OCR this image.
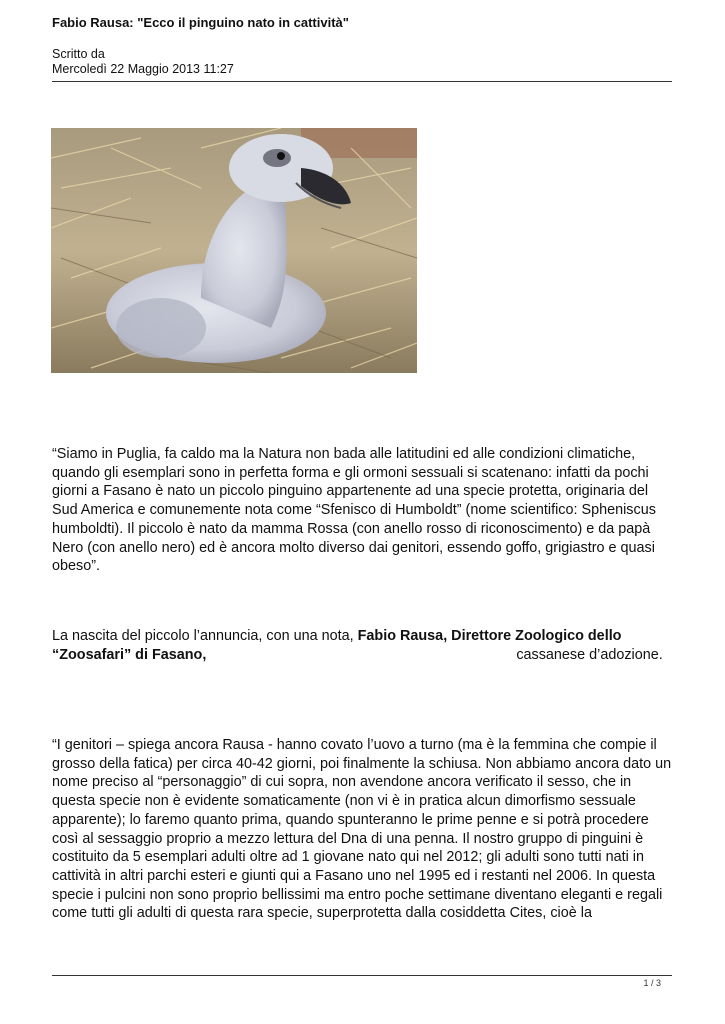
Fabio Rausa: "Ecco il pinguino nato in cattività"
Scritto da
Mercoledì 22 Maggio 2013 11:27

“Siamo in Puglia, fa caldo ma la Natura non bada alle latitudini ed alle condizioni climatiche, quando gli esemplari sono in perfetta forma e gli ormoni sessuali si scatenano: infatti da pochi giorni a Fasano è nato un piccolo pinguino appartenente ad una specie protetta, originaria del Sud America e comunemente nota come “Sfenisco di Humboldt” (nome scientifico: Spheniscus humboldti). Il piccolo è nato da mamma Rossa (con anello rosso di riconoscimento) e da papà Nero (con anello nero) ed è ancora molto diverso dai genitori, essendo goffo, grigiastro e quasi obeso”.

La nascita del piccolo l’annuncia, con una nota, Fabio Rausa, Direttore Zoologico dello “Zoosafari” di Fasano,	cassanese d’adozione.

“I genitori – spiega ancora Rausa - hanno covato l’uovo a turno (ma è la femmina che compie il grosso della fatica) per circa 40-42 giorni, poi finalmente la schiusa. Non abbiamo ancora dato un nome preciso al “personaggio” di cui sopra, non avendone ancora verificato il sesso, che in questa specie non è evidente somaticamente (non vi è in pratica alcun dimorfismo sessuale apparente); lo faremo quanto prima, quando spunteranno le prime penne e si potrà procedere così al sessaggio proprio a mezzo lettura del Dna di una penna. Il nostro gruppo di pinguini è costituito da 5 esemplari adulti oltre ad 1 giovane nato qui nel 2012; gli adulti sono tutti nati in cattività in altri parchi esteri e giunti qui a Fasano uno nel 1995 ed i restanti nel 2006. In questa specie i pulcini non sono proprio bellissimi ma entro poche settimane diventano eleganti e regali come tutti gli adulti di questa rara specie, superprotetta dalla cosiddetta Cites, cioè la

1 / 3
